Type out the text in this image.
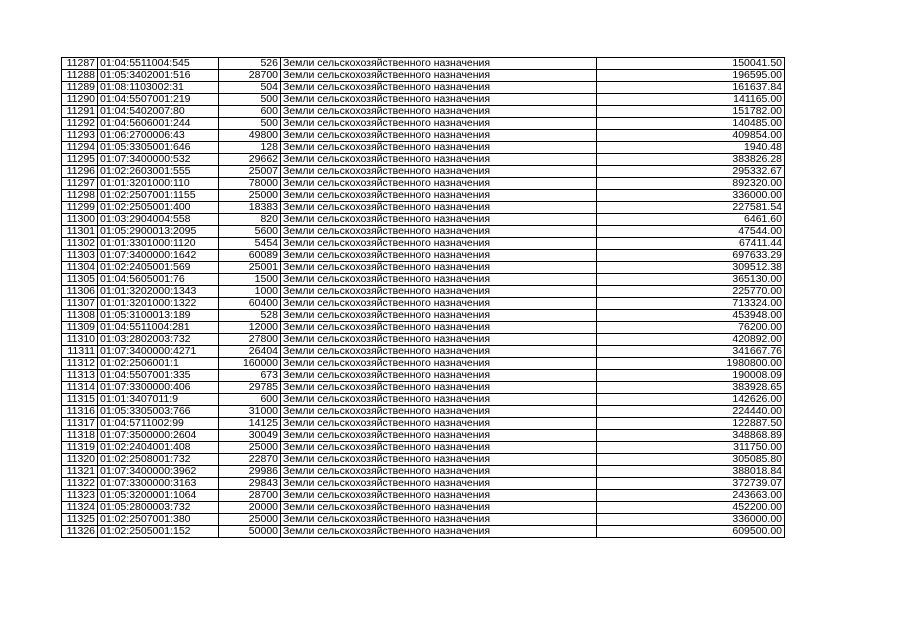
11287	01:04:5511004:545	526	Земли сельскохозяйственного назначения	150041.50
11288	01:05:3402001:516	28700	Земли сельскохозяйственного назначения	196595.00
11289	01:08:1103002:31	504	Земли сельскохозяйственного назначения	161637.84
11290	01:04:5507001:219	500	Земли сельскохозяйственного назначения	141165.00
11291	01:04:5402007:80	600	Земли сельскохозяйственного назначения	151782.00
11292	01:04:5606001:244	500	Земли сельскохозяйственного назначения	140485.00
11293	01:06:2700006:43	49800	Земли сельскохозяйственного назначения	409854.00
11294	01:05:3305001:646	128	Земли сельскохозяйственного назначения	1940.48
11295	01:07:3400000:532	29662	Земли сельскохозяйственного назначения	383826.28
11296	01:02:2603001:555	25007	Земли сельскохозяйственного назначения	295332.67
11297	01:01:3201000:110	78000	Земли сельскохозяйственного назначения	892320.00
11298	01:02:2507001:1155	25000	Земли сельскохозяйственного назначения	336000.00
11299	01:02:2505001:400	18383	Земли сельскохозяйственного назначения	227581.54
11300	01:03:2904004:558	820	Земли сельскохозяйственного назначения	6461.60
11301	01:05:2900013:2095	5600	Земли сельскохозяйственного назначения	47544.00
11302	01:01:3301000:1120	5454	Земли сельскохозяйственного назначения	67411.44
11303	01:07:3400000:1642	60089	Земли сельскохозяйственного назначения	697633.29
11304	01:02:2405001:569	25001	Земли сельскохозяйственного назначения	309512.38
11305	01:04:5605001:76	1500	Земли сельскохозяйственного назначения	365130.00
11306	01:01:3202000:1343	1000	Земли сельскохозяйственного назначения	225770.00
11307	01:01:3201000:1322	60400	Земли сельскохозяйственного назначения	713324.00
11308	01:05:3100013:189	528	Земли сельскохозяйственного назначения	453948.00
11309	01:04:5511004:281	12000	Земли сельскохозяйственного назначения	76200.00
11310	01:03:2802003:732	27800	Земли сельскохозяйственного назначения	420892.00
11311	01:07:3400000:4271	26404	Земли сельскохозяйственного назначения	341667.76
11312	01:02:2506001:1	160000	Земли сельскохозяйственного назначения	1980800.00
11313	01:04:5507001:335	673	Земли сельскохозяйственного назначения	190008.09
11314	01:07:3300000:406	29785	Земли сельскохозяйственного назначения	383928.65
11315	01:01:3407011:9	600	Земли сельскохозяйственного назначения	142626.00
11316	01:05:3305003:766	31000	Земли сельскохозяйственного назначения	224440.00
11317	01:04:5711002:99	14125	Земли сельскохозяйственного назначения	122887.50
11318	01:07:3500000:2604	30049	Земли сельскохозяйственного назначения	348868.89
11319	01:02:2404001:408	25000	Земли сельскохозяйственного назначения	311750.00
11320	01:02:2508001:732	22870	Земли сельскохозяйственного назначения	305085.80
11321	01:07:3400000:3962	29986	Земли сельскохозяйственного назначения	388018.84
11322	01:07:3300000:3163	29843	Земли сельскохозяйственного назначения	372739.07
11323	01:05:3200001:1064	28700	Земли сельскохозяйственного назначения	243663.00
11324	01:05:2800003:732	20000	Земли сельскохозяйственного назначения	452200.00
11325	01:02:2507001:380	25000	Земли сельскохозяйственного назначения	336000.00
11326	01:02:2505001:152	50000	Земли сельскохозяйственного назначения	609500.00
